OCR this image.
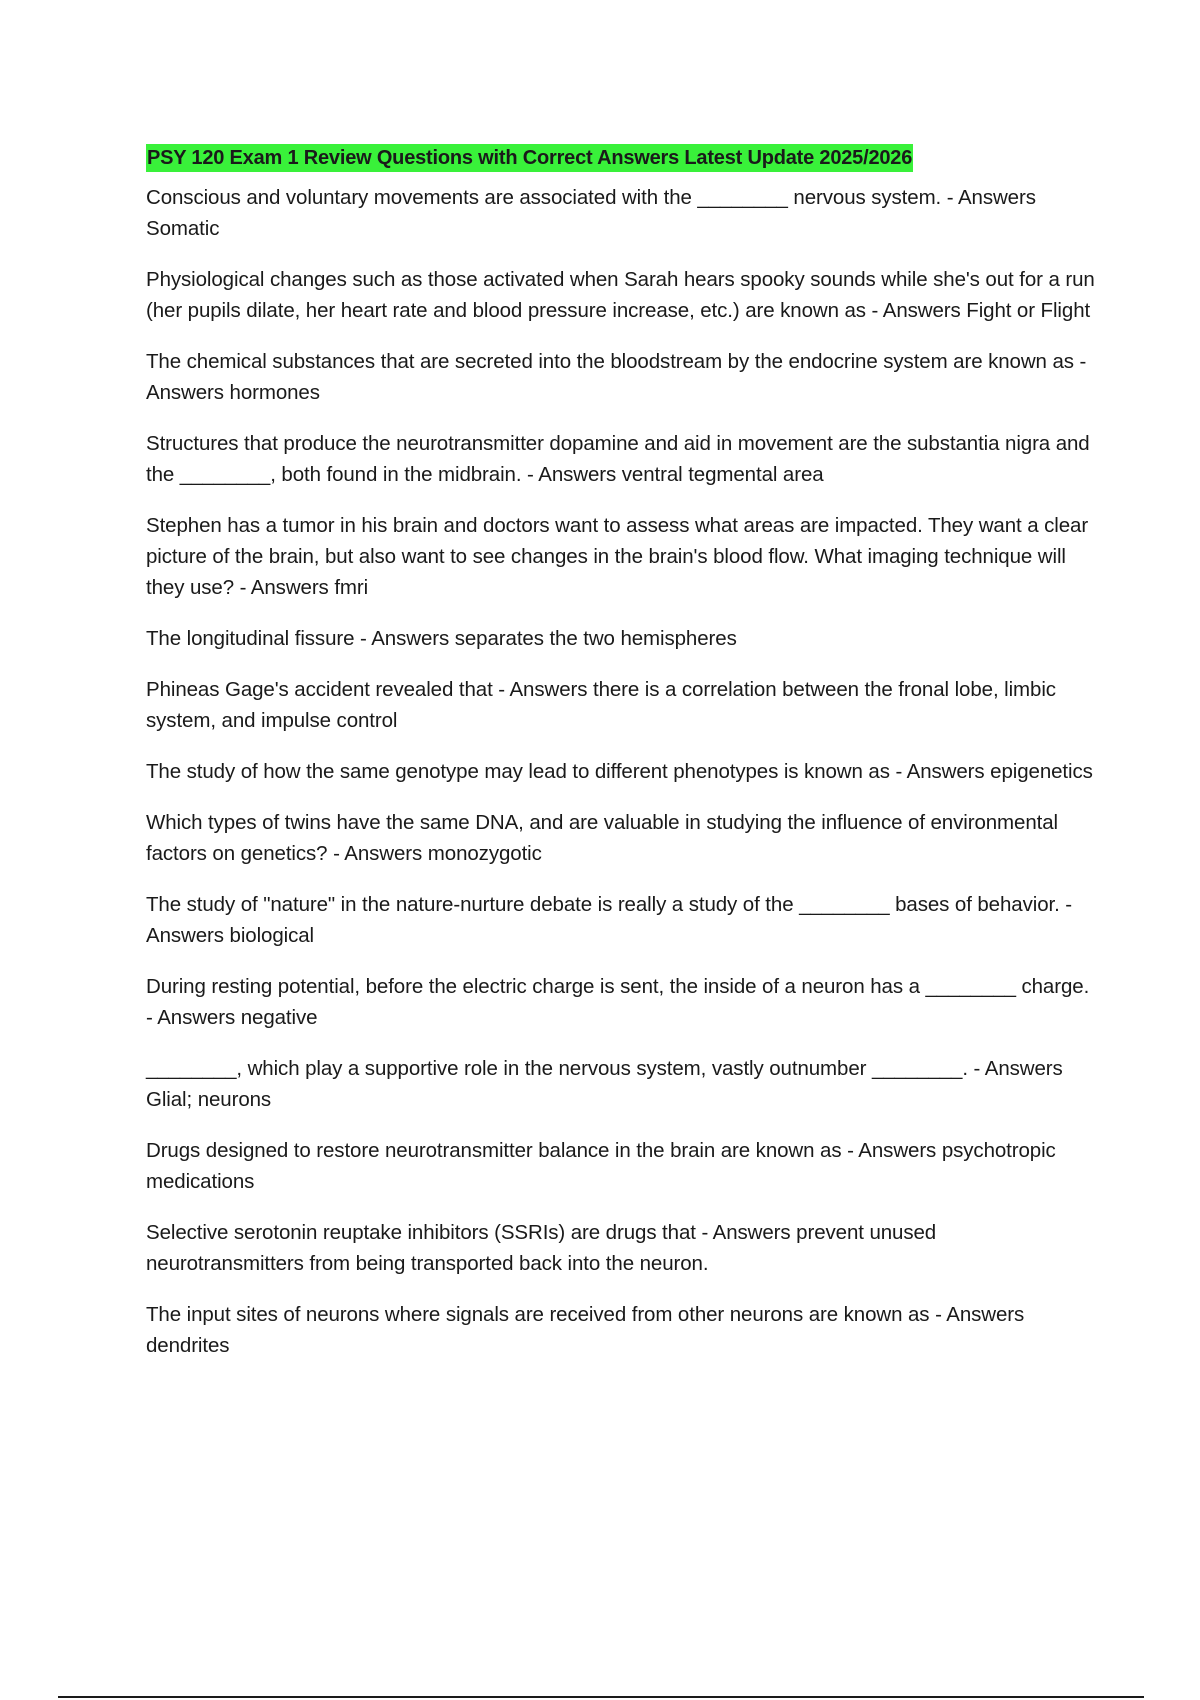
PSY 120 Exam 1 Review Questions with Correct Answers Latest Update 2025/2026
Conscious and voluntary movements are associated with the ________ nervous system. - Answers Somatic
Physiological changes such as those activated when Sarah hears spooky sounds while she's out for a run (her pupils dilate, her heart rate and blood pressure increase, etc.) are known as - Answers Fight or Flight
The chemical substances that are secreted into the bloodstream by the endocrine system are known as - Answers hormones
Structures that produce the neurotransmitter dopamine and aid in movement are the substantia nigra and the ________, both found in the midbrain. - Answers ventral tegmental area
Stephen has a tumor in his brain and doctors want to assess what areas are impacted. They want a clear picture of the brain, but also want to see changes in the brain's blood flow. What imaging technique will they use? - Answers fmri
The longitudinal fissure - Answers separates the two hemispheres
Phineas Gage's accident revealed that - Answers there is a correlation between the fronal lobe, limbic system, and impulse control
The study of how the same genotype may lead to different phenotypes is known as - Answers epigenetics
Which types of twins have the same DNA, and are valuable in studying the influence of environmental factors on genetics? - Answers monozygotic
The study of "nature" in the nature-nurture debate is really a study of the ________ bases of behavior. - Answers biological
During resting potential, before the electric charge is sent, the inside of a neuron has a ________ charge. - Answers negative
________, which play a supportive role in the nervous system, vastly outnumber ________. - Answers Glial; neurons
Drugs designed to restore neurotransmitter balance in the brain are known as - Answers psychotropic medications
Selective serotonin reuptake inhibitors (SSRIs) are drugs that - Answers prevent unused neurotransmitters from being transported back into the neuron.
The input sites of neurons where signals are received from other neurons are known as - Answers dendrites
